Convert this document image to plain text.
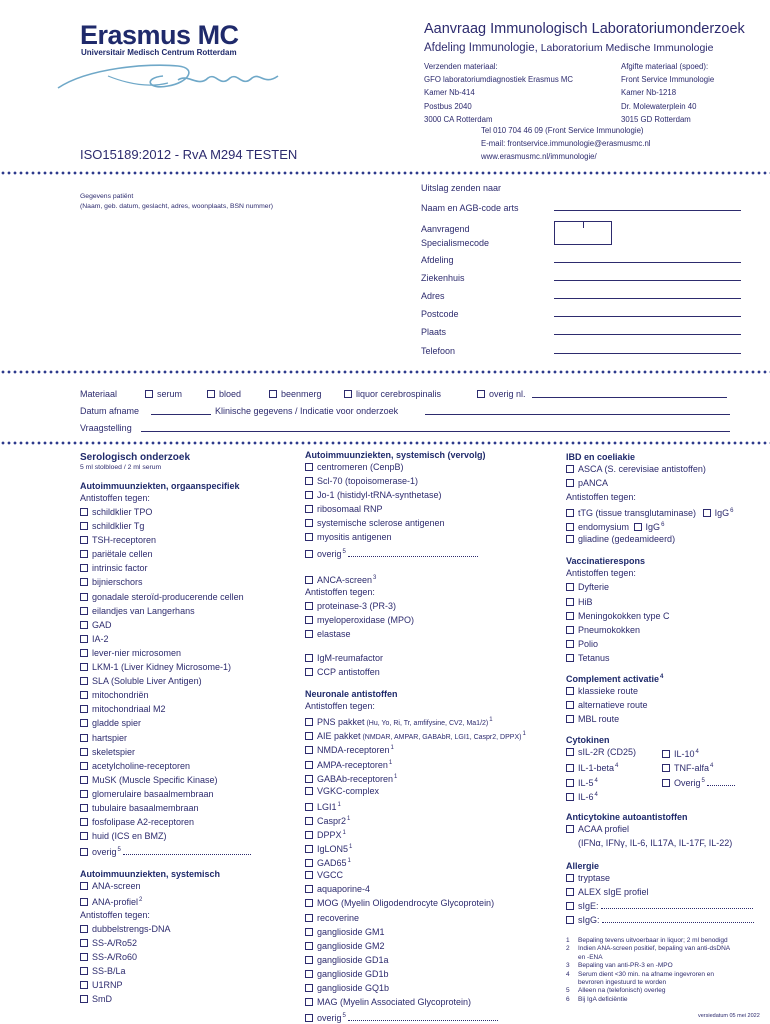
Erasmus MC
Universitair Medisch Centrum Rotterdam
Aanvraag Immunologisch Laboratoriumonderzoek
Afdeling Immunologie, Laboratorium Medische Immunologie
Verzenden materiaal:
GFO laboratoriumdiagnostiek Erasmus MC
Kamer Nb-414
Postbus 2040
3000 CA Rotterdam
Afgifte materiaal (spoed):
Front Service Immunologie
Kamer Nb-1218
Dr. Molewaterplein 40
3015 GD Rotterdam
Tel 010 704 46 09 (Front Service Immunologie)
E-mail: frontservice.immunologie@erasmusmc.nl
www.erasmusmc.nl/immunologie/
ISO15189:2012 - RvA M294 TESTEN
Gegevens patiënt
(Naam, geb. datum, geslacht, adres, woonplaats, BSN nummer)
Uitslag zenden naar
Naam en AGB-code arts
Aanvragend
Specialismecode
Afdeling
Ziekenhuis
Adres
Postcode
Plaats
Telefoon
Materiaal	serum	bloed	beenmerg	liquor cerebrospinalis	overig nl.
Datum afname	Klinische gegevens / Indicatie voor onderzoek
Vraagstelling
Serologisch onderzoek
5 ml stolbloed / 2 ml serum
Autoimmuunziekten, orgaanspecifiek
Antistoffen tegen:
schildklier TPO
schildklier Tg
TSH-receptoren
pariëtale cellen
intrinsic factor
bijnierschors
gonadale steroïd-producerende cellen
eilandjes van Langerhans
GAD
IA-2
lever-nier microsomen
LKM-1 (Liver Kidney Microsome-1)
SLA (Soluble Liver Antigen)
mitochondriën
mitochondriaal M2
gladde spier
hartspier
skeletspier
acetylcholine-receptoren
MuSK (Muscle Specific Kinase)
glomerulaire basaalmembraan
tubulaire basaalmembraan
fosfolipase A2-receptoren
huid (ICS en BMZ)
overig$^5$
Autoimmuunziekten, systemisch
ANA-screen
ANA-profiel$^2$
Antistoffen tegen:
dubbelstrengs-DNA
SS-A/Ro52
SS-A/Ro60
SS-B/La
U1RNP
SmD
Autoimmuunziekten, systemisch (vervolg)
centromeren (CenpB)
Scl-70 (topoisomerase-1)
Jo-1 (histidyl-tRNA-synthetase)
ribosomaal RNP
systemische sclerose antigenen
myositis antigenen
overig$^5$
ANCA-screen$^3$
Antistoffen tegen:
proteinase-3 (PR-3)
myeloperoxidase (MPO)
elastase
IgM-reumafactor
CCP antistoffen
Neuronale antistoffen
Antistoffen tegen:
PNS pakket (Hu, Yo, Ri, Tr, amfifysine, CV2, Ma1/2)$^1$
AIE pakket (NMDAR, AMPAR, GABAbR, LGI1, Caspr2, DPPX)$^1$
NMDA-receptoren$^1$
AMPA-receptoren$^1$
GABAb-receptoren$^1$
VGKC-complex
$LGI1^1$
$Caspr2^1$
DPPX$^1$
$IgLON5^1$
$GAD65^1$
VGCC
aquaporine-4
MOG (Myelin Oligodendrocyte Glycoprotein)
recoverine
ganglioside GM1
ganglioside GM2
ganglioside GD1a
ganglioside GD1b
ganglioside GQ1b
MAG (Myelin Associated Glycoprotein)
overig$^5$
IBD en coeliakie
ASCA (S. cerevisiae antistoffen)
pANCA
Antistoffen tegen:
tTG (tissue transglutaminase) IgG$^6$
endomysium IgG$^6$
gliadine (gedeamideerd)
Vaccinatierespons
Antistoffen tegen:
Dyfterie
HiB
Meningokokken type C
Pneumokokken
Polio
Tetanus
Complement activatie$^4$
klassieke route
alternatieve route
MBL route
Cytokinen
sIL-2R (CD25)
IL-1-beta$^4$
$IL-5^4$
$IL-6^4$
$IL-10^4$
TNF-alfa$^4$
Overig$^5$
Anticytokine autoantistoffen
ACAA profiel
(IFNα, IFNγ, IL-6, IL17A, IL-17F, IL-22)
Allergie
tryptase
ALEX sIgE profiel
sIgE:
sIgG:
1 Bepaling tevens uitvoerbaar in liquor; 2 ml benodigd
2 Indien ANA-screen positief, bepaling van anti-dsDNA
en -ENA
3 Bepaling van anti-PR-3 en -MPO
4 Serum dient <30 min. na afname ingevroren en
bevroren ingestuurd te worden
5 Alleen na (telefonisch) overleg
6 Bij IgA deficiëntie
versiedatum 05 mei 2022
